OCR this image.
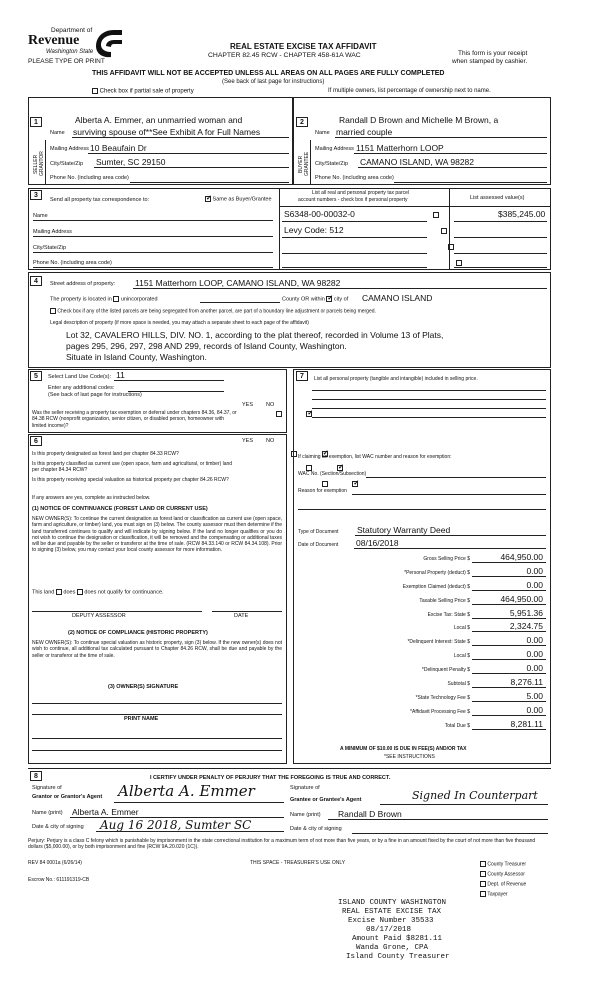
Department of
Revenue
Washington State
PLEASE TYPE OR PRINT
REAL ESTATE EXCISE TAX AFFIDAVIT
CHAPTER 82.45 RCW - CHAPTER 458-61A WAC	This form is your receipt
when stamped by cashier.
THIS AFFIDAVIT WILL NOT BE ACCEPTED UNLESS ALL AREAS ON ALL PAGES ARE FULLY COMPLETED
(See back of last page for instructions)
Check box if partial sale of property	If multiple owners, list percentage of ownership next to name.
1	2
SELLER GRANTOR	BUYER GRANTEE
Alberta A. Emmer, an unmarried woman and
Name surviving spouse of**See Exhibit A for Full Names
Mailing Address 10 Beaufain Dr
City/State/Zip Sumter, SC 29150
Phone No. (including area code)
Randall D Brown and Michelle M Brown, a
Name married couple
Mailing Address 1151 Matterhorn LOOP
City/State/Zip CAMANO ISLAND, WA 98282
Phone No. (including area code)
3
Send all property tax correspondence to: ✓	Same as Buyer/Grantee
List all real and personal property tax parcel
account numbers - check box if personal property	List assessed value(s)
Name
Mailing Address
City/State/Zip
Phone No. (including area code)
S6348-00-00032-0
Levy Code: 512
$385,245.00

4	Street address of property: 1151 Matterhorn LOOP, CAMANO ISLAND, WA 98282
The property is located in unincorporated	County OR within ✓ city of CAMANO ISLAND
Check box if any of the listed parcels are being segregated from another parcel, are part of a boundary line adjustment or parcels being merged.
Legal description of property (if more space is needed, you may attach a separate sheet to each page of the affidavit)
Lot 32, CAVALERO HILLS, DIV. NO. 1, according to the plat thereof, recorded in Volume 13 of Plats,
pages 295, 296, 297, 298 AND 299, records of Island County, Washington.
Situate in Island County, Washington.
5	Select Land Use Code(s): 11
Enter any additional codes:
(See back of last page for instructions)
YES NO
Was the seller receiving a property tax exemption or deferral under chapters 84.36, 84.37, or 84.38 RCW (nonprofit organization, senior citizen, or disabled person, homeowner with limited income)?
✓
6	YES NO
Is this property designated as forest land per chapter 84.33 RCW?
✓
Is this property classified as current use (open space, farm and agricultural, or timber) land per chapter 84.34 RCW?
✓
Is this property receiving special valuation as historical property per chapter 84.26 RCW?
✓
If any answers are yes, complete as instructed below.
(1) NOTICE OF CONTINUANCE (FOREST LAND OR CURRENT USE)
NEW OWNER(S): To continue the current designation as forest land or classification as current use (open space, farm and agriculture, or timber) land, you must sign on (3) below. The county assessor must then determine if the land transferred continues to qualify and will indicate by signing below. If the land no longer qualifies or you do not wish to continue the designation or classification, it will be removed and the compensating or additional taxes will be due and payable by the seller or transferor at the time of sale. (RCW 84.33.140 or RCW 84.34.108). Prior to signing (3) below, you may contact your local county assessor for more information.
This land does does not qualify for continuance.
DEPUTY ASSESSOR	DATE
(2) NOTICE OF COMPLIANCE (HISTORIC PROPERTY)
NEW OWNER(S): To continue special valuation as historic property, sign (3) below. If the new owner(s) does not wish to continue, all additional tax calculated pursuant to Chapter 84.26 RCW, shall be due and payable by the seller or transferor at the time of sale.
(3) OWNER(S) SIGNATURE
PRINT NAME
7	List all personal property (tangible and intangible) included in selling price.
If claiming an exemption, list WAC number and reason for exemption:
WAC No. (Section/Subsection)
Reason for exemption
Type of Document Statutory Warranty Deed
Date of Document 08/16/2018
Gross Selling Price $	464,950.00
*Personal Property (deduct) $	0.00
Exemption Claimed (deduct) $	0.00
Taxable Selling Price $	464,950.00
Excise Tax: State $	5,951.36
Local $	2,324.75
*Delinquent Interest: State $	0.00
Local $	0.00
*Delinquent Penalty $	0.00
Subtotal $	8,276.11
*State Technology Fee $	5.00
*Affidavit Processing Fee $	0.00
Total Due $	8,281.11
A MINIMUM OF $10.00 IS DUE IN FEE(S) AND/OR TAX
*SEE INSTRUCTIONS
8	I CERTIFY UNDER PENALTY OF PERJURY THAT THE FOREGOING IS TRUE AND CORRECT.
Signature of
Grantor or Grantor's Agent Alberta A. Emmer
Name (print) Alberta A. Emmer
Date & city of signing Aug 16 2018, Sumter SC
Signature of
Grantee or Grantee's Agent	Signed In Counterpart
Name (print) Randall D Brown
Date & city of signing
Perjury: Perjury is a class C felony which is punishable by imprisonment in the state correctional institution for a maximum term of not more than five years, or by a fine in an amount fixed by the court of not more than five thousand dollars ($5,000.00), or by both imprisonment and fine (RCW 9A.20.020 (1C)).
REV 84 0001a (6/26/14)	THIS SPACE - TREASURER'S USE ONLY
Escrow No.: 611191319-CB
County Treasurer
County Assessor
Dept. of Revenue
Taxpayer
ISLAND COUNTY WASHINGTON
REAL ESTATE EXCISE TAX
Excise Number 35533
08/17/2018
Amount Paid $8281.11
Wanda Grone, CPA
Island County Treasurer
